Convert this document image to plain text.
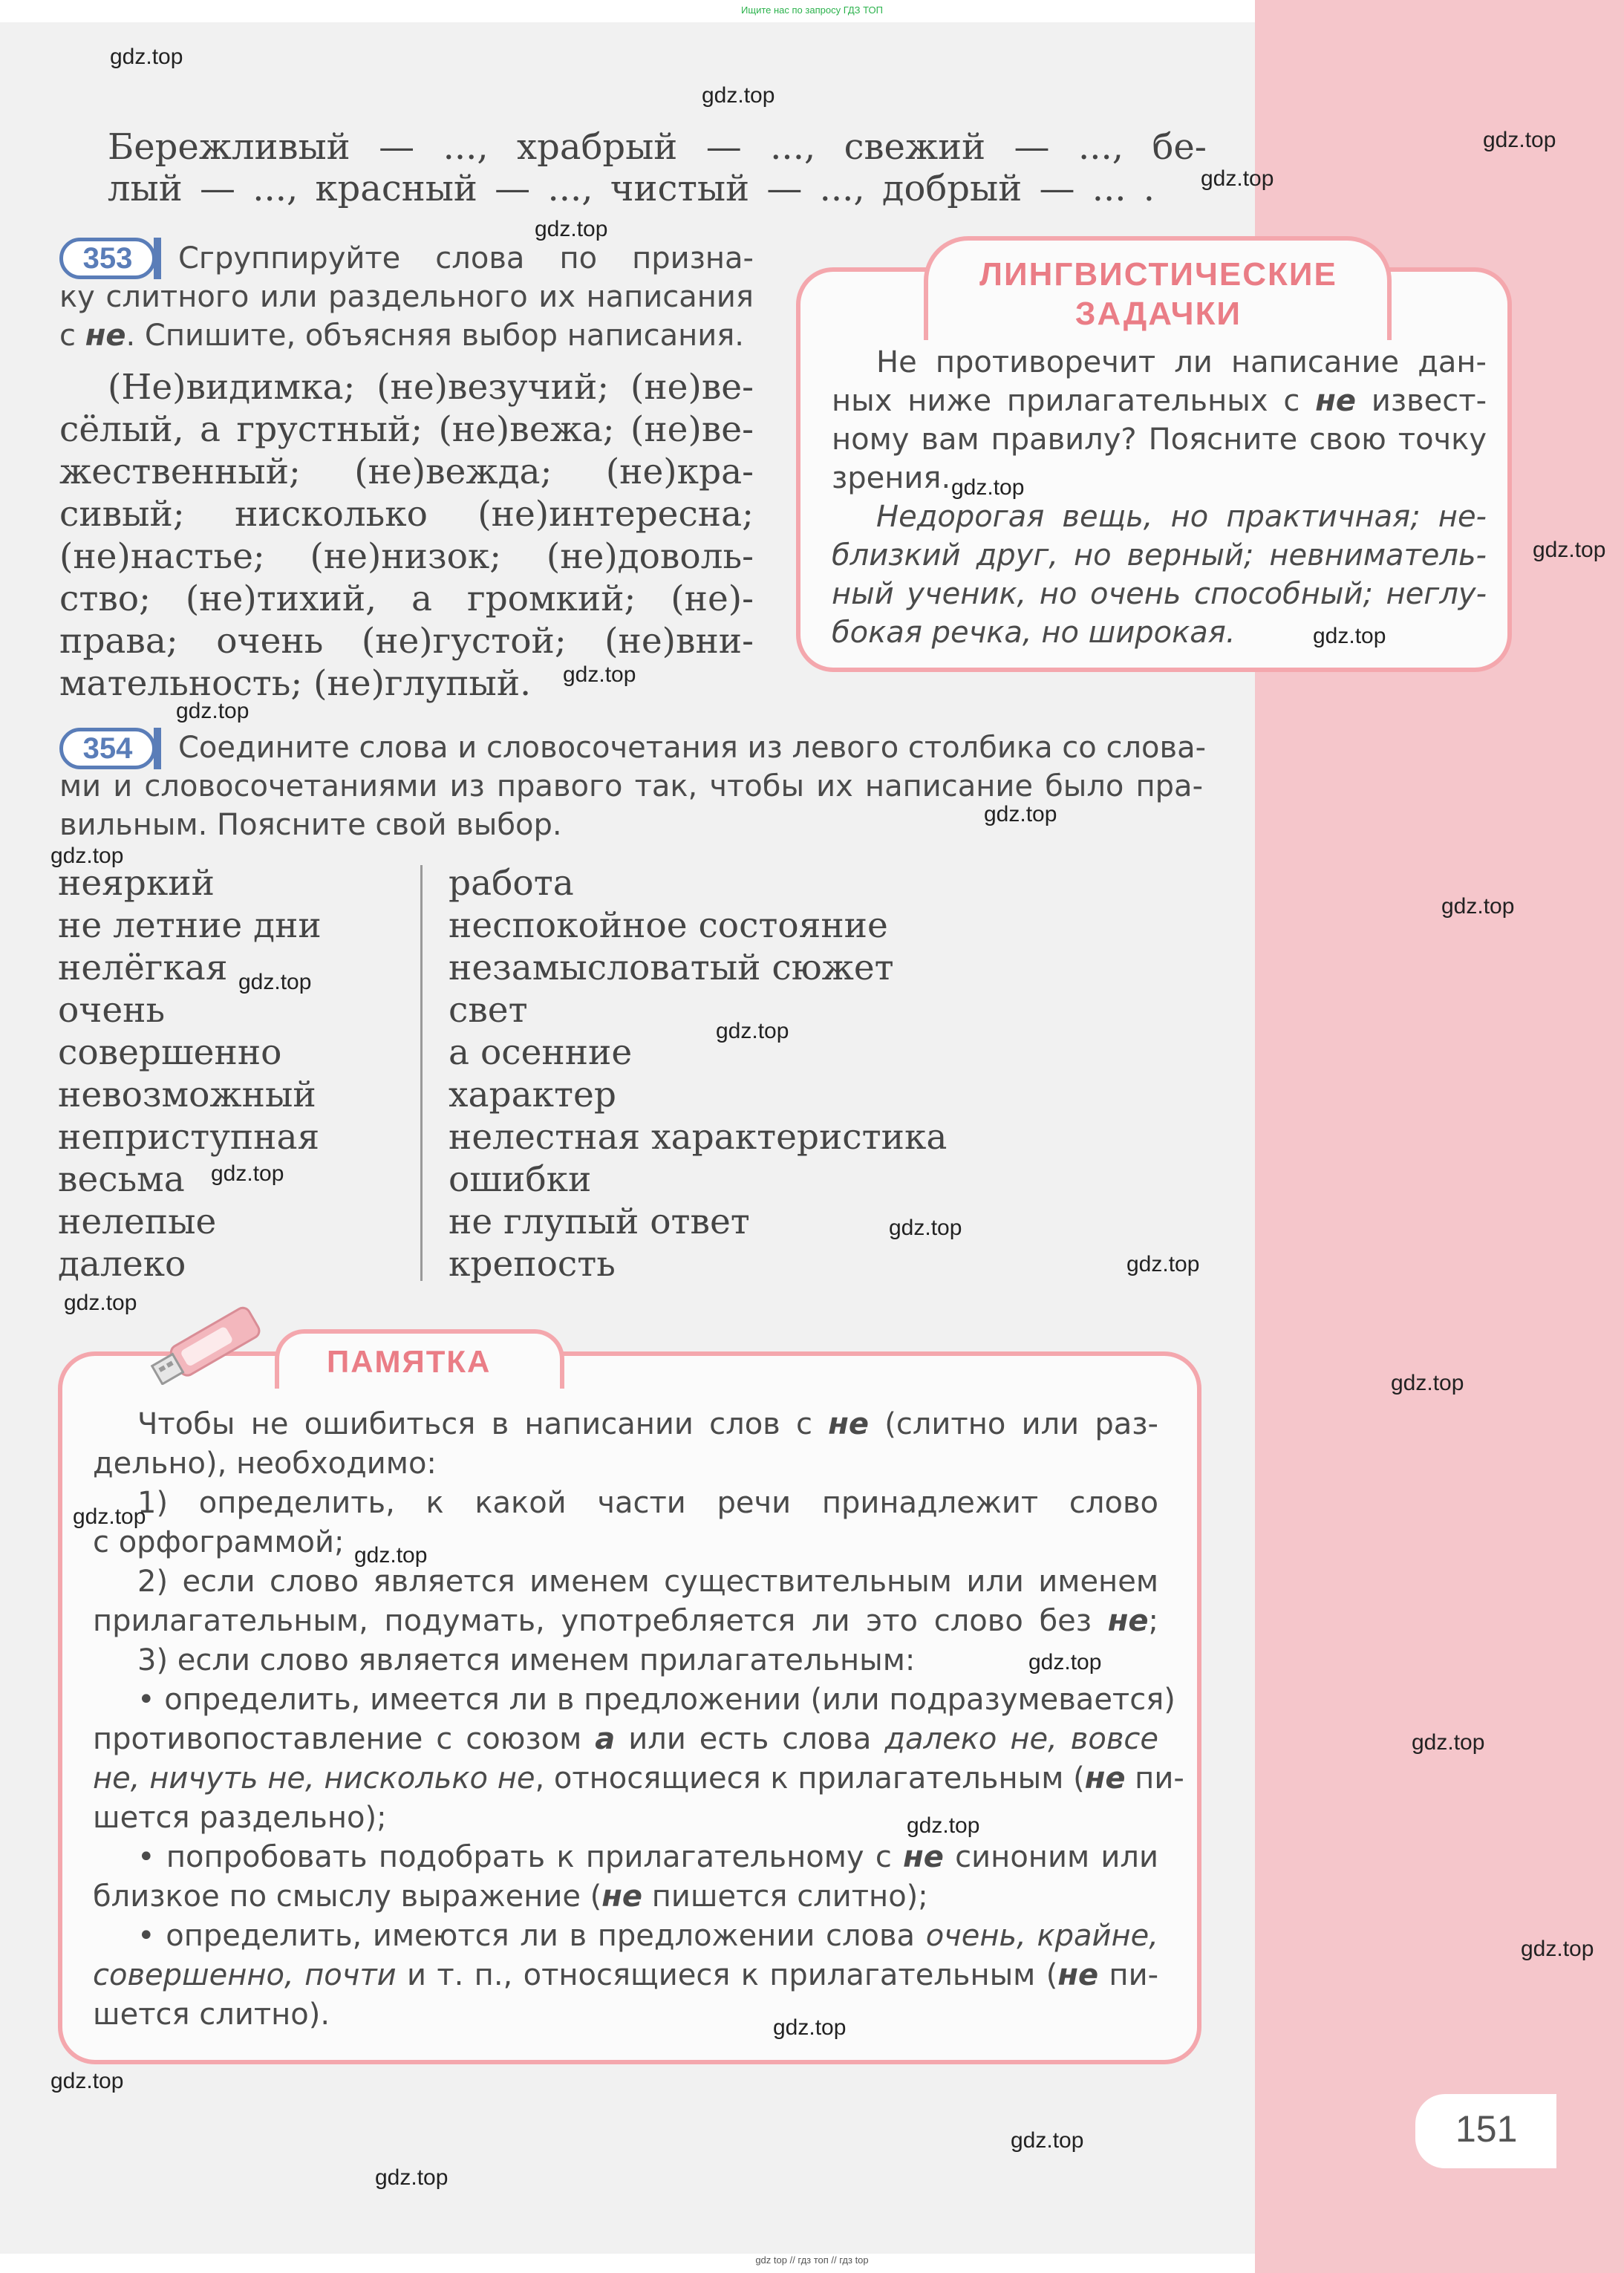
Ищите нас по запросу ГДЗ ТОП
Бережливый — ..., храбрый — ..., свежий — ..., бе-
лый — ..., красный — ..., чистый — ..., добрый — ... .
353	Сгруппируйте слова по призна-
ку слитного или раздельного их написания
с не. Спишите, объясняя выбор написания.
(Не)видимка; (не)везучий; (не)ве-
сёлый, а грустный; (не)вежа; (не)ве-
жественный; (не)вежда; (не)кра-
сивый; нисколько (не)интересна;
(не)настье; (не)низок; (не)доволь-
ство; (не)тихий, а громкий; (не)-
права; очень (не)густой; (не)вни-
мательность; (не)глупый.
ЛИНГВИСТИЧЕСКИЕ
ЗАДАЧКИ
Не противоречит ли написание дан-
ных ниже прилагательных с не извест-
ному вам правилу? Поясните свою точку
зрения.
Недорогая вещь, но практичная; не-
близкий друг, но верный; невниматель-
ный ученик, но очень способный; неглу-
бокая речка, но широкая.
354	Соедините слова и словосочетания из левого столбика со слова-
ми и словосочетаниями из правого так, чтобы их написание было пра-
вильным. Поясните свой выбор.
неяркий
не летние дни
нелёгкая
очень
совершенно
невозможный
неприступная
весьма
нелепые
далеко
работа
неспокойное состояние
незамысловатый сюжет
свет
а осенние
характер
нелестная характеристика
ошибки
не глупый ответ
крепость
ПАМЯТКА
Чтобы не ошибиться в написании слов с не (слитно или раз-
дельно), необходимо:
1) определить, к какой части речи принадлежит слово
с орфограммой;
2) если слово является именем существительным или именем
прилагательным, подумать, употребляется ли это слово без не;
3) если слово является именем прилагательным:
• определить, имеется ли в предложении (или подразумевается)
противопоставление с союзом а или есть слова далеко не, вовсе
не, ничуть не, нисколько не, относящиеся к прилагательным (не пи-
шется раздельно);
• попробовать подобрать к прилагательному с не синоним или
близкое по смыслу выражение (не пишется слитно);
• определить, имеются ли в предложении слова очень, крайне,
совершенно, почти и т. п., относящиеся к прилагательным (не пи-
шется слитно).
151
gdz.top
gdz.top
gdz.top
gdz.top
gdz.top
gdz.top
gdz.top
gdz.top
gdz.top
gdz.top
gdz.top
gdz.top
gdz.top
gdz.top
gdz.top
gdz.top
gdz.top
gdz.top
gdz.top
gdz.top
gdz.top
gdz.top
gdz.top
gdz.top
gdz.top
gdz.top
gdz.top
gdz.top
gdz.top
gdz.top
gdz top // гдз топ // гдз top
